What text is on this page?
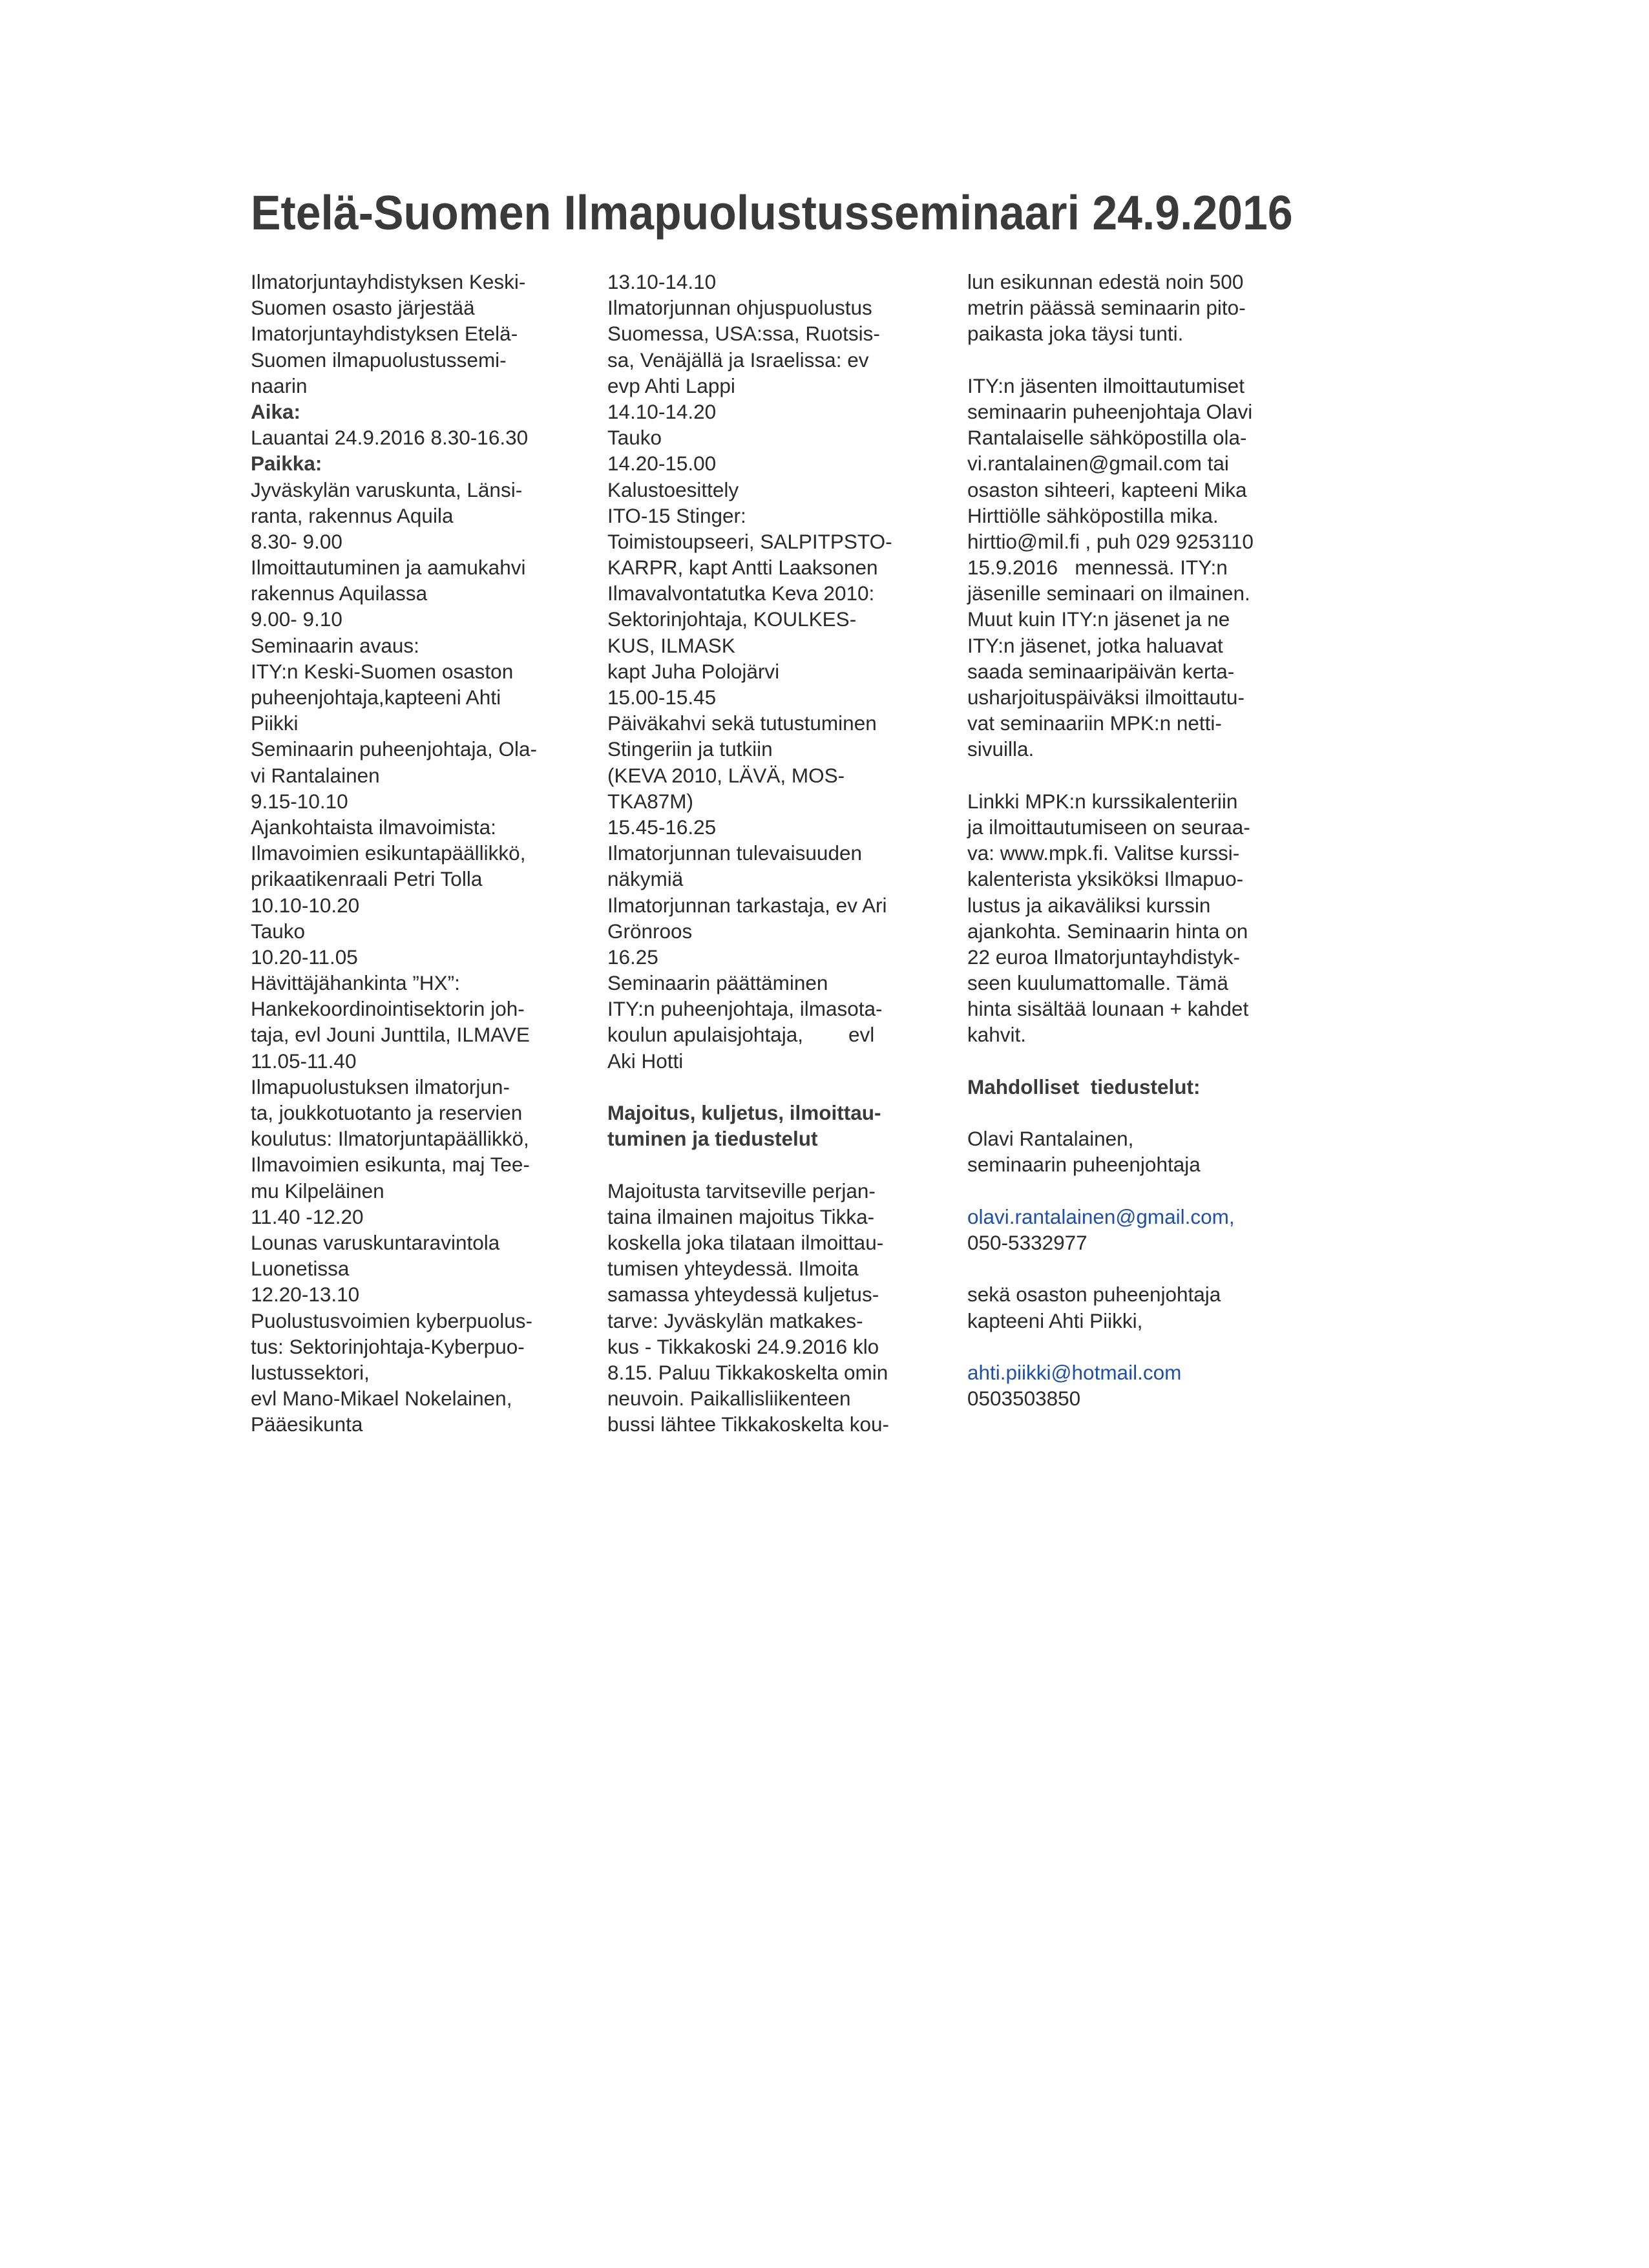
Etelä-Suomen Ilmapuolustusseminaari 24.9.2016
Ilmatorjuntayhdistyksen Keski-
Suomen osasto järjestää
Imatorjuntayhdistyksen Etelä-
Suomen ilmapuolustussemi-
naarin
Aika:
Lauantai 24.9.2016 8.30-16.30
Paikka:
Jyväskylän varuskunta, Länsi-
ranta, rakennus Aquila
8.30- 9.00
Ilmoittautuminen ja aamukahvi
rakennus Aquilassa
9.00- 9.10
Seminaarin avaus:
ITY:n Keski-Suomen osaston
puheenjohtaja,kapteeni Ahti
Piikki
Seminaarin puheenjohtaja, Ola-
vi Rantalainen
9.15-10.10
Ajankohtaista ilmavoimista:
Ilmavoimien esikuntapäällikkö,
prikaatikenraali Petri Tolla
10.10-10.20
Tauko
10.20-11.05
Hävittäjähankinta ”HX”:
Hankekoordinointisektorin joh-
taja, evl Jouni Junttila, ILMAVE
11.05-11.40
Ilmapuolustuksen ilmatorjun-
ta, joukkotuotanto ja reservien
koulutus: Ilmatorjuntapäällikkö,
Ilmavoimien esikunta, maj Tee-
mu Kilpeläinen
11.40 -12.20
Lounas varuskuntaravintola
Luonetissa
12.20-13.10
Puolustusvoimien kyberpuolus-
tus: Sektorinjohtaja-Kyberpuo-
lustussektori,
evl Mano-Mikael Nokelainen,
Pääesikunta
13.10-14.10
Ilmatorjunnan ohjuspuolustus
Suomessa, USA:ssa, Ruotsis-
sa, Venäjällä ja Israelissa: ev
evp Ahti Lappi
14.10-14.20
Tauko
14.20-15.00
Kalustoesittely
ITO-15 Stinger:
Toimistoupseeri, SALPITPSTO-
KARPR, kapt Antti Laaksonen
Ilmavalvontatutka Keva 2010:
Sektorinjohtaja, KOULKES-
KUS, ILMASK
kapt Juha Polojärvi
15.00-15.45
Päiväkahvi sekä tutustuminen
Stingeriin ja tutkiin
(KEVA 2010, LÄVÄ, MOS-
TKA87M)
15.45-16.25
Ilmatorjunnan tulevaisuuden
näkymiä
Ilmatorjunnan tarkastaja, ev Ari
Grönroos
16.25
Seminaarin päättäminen
ITY:n puheenjohtaja, ilmasota-
koulun apulaisjohtaja,        evl
Aki Hotti
Majoitus, kuljetus, ilmoittau-
tuminen ja tiedustelut
Majoitusta tarvitseville perjan-
taina ilmainen majoitus Tikka-
koskella joka tilataan ilmoittau-
tumisen yhteydessä. Ilmoita
samassa yhteydessä kuljetus-
tarve: Jyväskylän matkakes-
kus - Tikkakoski 24.9.2016 klo
8.15. Paluu Tikkakoskelta omin
neuvoin. Paikallisliikenteen
bussi lähtee Tikkakoskelta kou-
lun esikunnan edestä noin 500
metrin päässä seminaarin pito-
paikasta joka täysi tunti.
ITY:n jäsenten ilmoittautumiset
seminaarin puheenjohtaja Olavi
Rantalaiselle sähköpostilla ola-
vi.rantalainen@gmail.com tai
osaston sihteeri, kapteeni Mika
Hirttiölle sähköpostilla mika.
hirttio@mil.fi , puh 029 9253110
15.9.2016   mennessä. ITY:n
jäsenille seminaari on ilmainen.
Muut kuin ITY:n jäsenet ja ne
ITY:n jäsenet, jotka haluavat
saada seminaaripäivän kerta-
usharjoituspäiväksi ilmoittautu-
vat seminaariin MPK:n netti-
sivuilla.
Linkki MPK:n kurssikalenteriin
ja ilmoittautumiseen on seuraa-
va: www.mpk.fi. Valitse kurssi-
kalenterista yksiköksi Ilmapuo-
lustus ja aikaväliksi kurssin
ajankohta. Seminaarin hinta on
22 euroa Ilmatorjuntayhdistyk-
seen kuulumattomalle. Tämä
hinta sisältää lounaan + kahdet
kahvit.
Mahdolliset  tiedustelut:
Olavi Rantalainen,
seminaarin puheenjohtaja
olavi.rantalainen@gmail.com,
050-5332977
sekä osaston puheenjohtaja
kapteeni Ahti Piikki,
ahti.piikki@hotmail.com
0503503850
